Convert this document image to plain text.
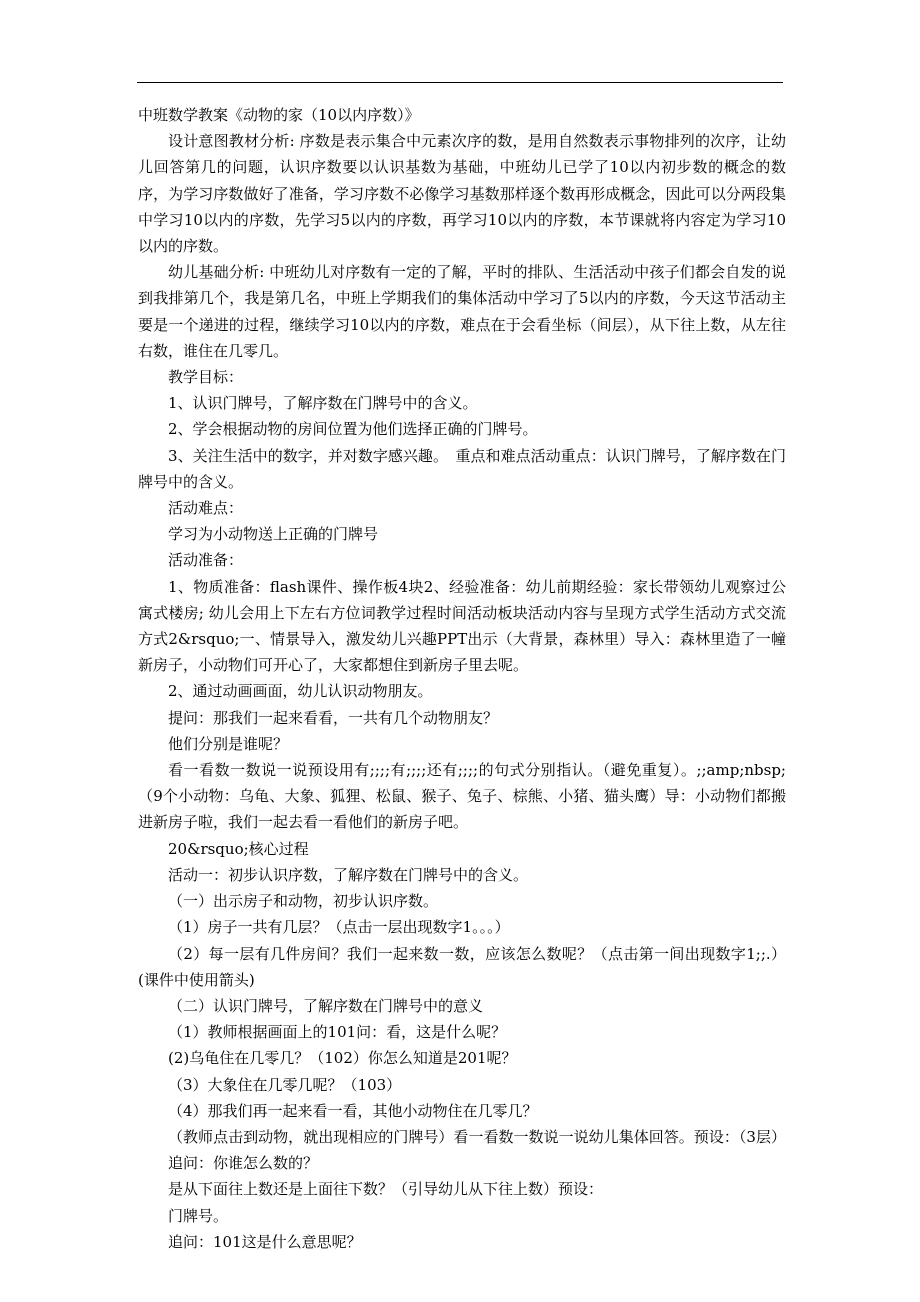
中班数学教案《动物的家（10以内序数）》

设计意图教材分析: 序数是表示集合中元素次序的数，是用自然数表示事物排列的次序，让幼儿回答第几的问题，认识序数要以认识基数为基础，中班幼儿已学了10以内初步数的概念的数序，为学习序数做好了准备，学习序数不必像学习基数那样逐个数再形成概念，因此可以分两段集中学习10以内的序数，先学习5以内的序数，再学习10以内的序数，本节课就将内容定为学习10以内的序数。

幼儿基础分析: 中班幼儿对序数有一定的了解，平时的排队、生活活动中孩子们都会自发的说到我排第几个，我是第几名，中班上学期我们的集体活动中学习了5以内的序数，今天这节活动主要是一个递进的过程，继续学习10以内的序数，难点在于会看坐标（间层），从下往上数，从左往右数，谁住在几零几。

教学目标：

1、认识门牌号，了解序数在门牌号中的含义。

2、学会根据动物的房间位置为他们选择正确的门牌号。

3、关注生活中的数字，并对数字感兴趣。　重点和难点活动重点：认识门牌号，了解序数在门牌号中的含义。

活动难点：

学习为小动物送上正确的门牌号

活动准备：

1、物质准备：flash课件、操作板4块2、经验准备：幼儿前期经验：家长带领幼儿观察过公寓式楼房; 幼儿会用上下左右方位词教学过程时间活动板块活动内容与呈现方式学生活动方式交流方式2&rsquo;一、情景导入，激发幼儿兴趣PPT出示（大背景，森林里）导入：森林里造了一幢新房子，小动物们可开心了，大家都想住到新房子里去呢。

2、通过动画画面，幼儿认识动物朋友。

提问：那我们一起来看看，一共有几个动物朋友？

他们分别是谁呢？

看一看数一数说一说预设用有;;;;有;;;;还有;;;;的句式分别指认。（避免重复）。;;amp;nbsp;（9个小动物：乌龟、大象、狐狸、松鼠、猴子、兔子、棕熊、小猪、猫头鹰）导：小动物们都搬进新房子啦，我们一起去看一看他们的新房子吧。

20&rsquo;核心过程

活动一：初步认识序数，了解序数在门牌号中的含义。

（一）出示房子和动物，初步认识序数。

（1）房子一共有几层？（点击一层出现数字1。。。）

（2）每一层有几件房间？我们一起来数一数，应该怎么数呢？（点击第一间出现数字1;;.）(课件中使用箭头)

（二）认识门牌号，了解序数在门牌号中的意义

（1）教师根据画面上的101问：看，这是什么呢？

(2)乌龟住在几零几？（102）你怎么知道是201呢？

（3）大象住在几零几呢？（103）

（4）那我们再一起来看一看，其他小动物住在几零几？

（教师点击到动物，就出现相应的门牌号）看一看数一数说一说幼儿集体回答。预设：（3层）追问：你谁怎么数的？

是从下面往上数还是上面往下数？（引导幼儿从下往上数）预设：

门牌号。

追问：101这是什么意思呢？
